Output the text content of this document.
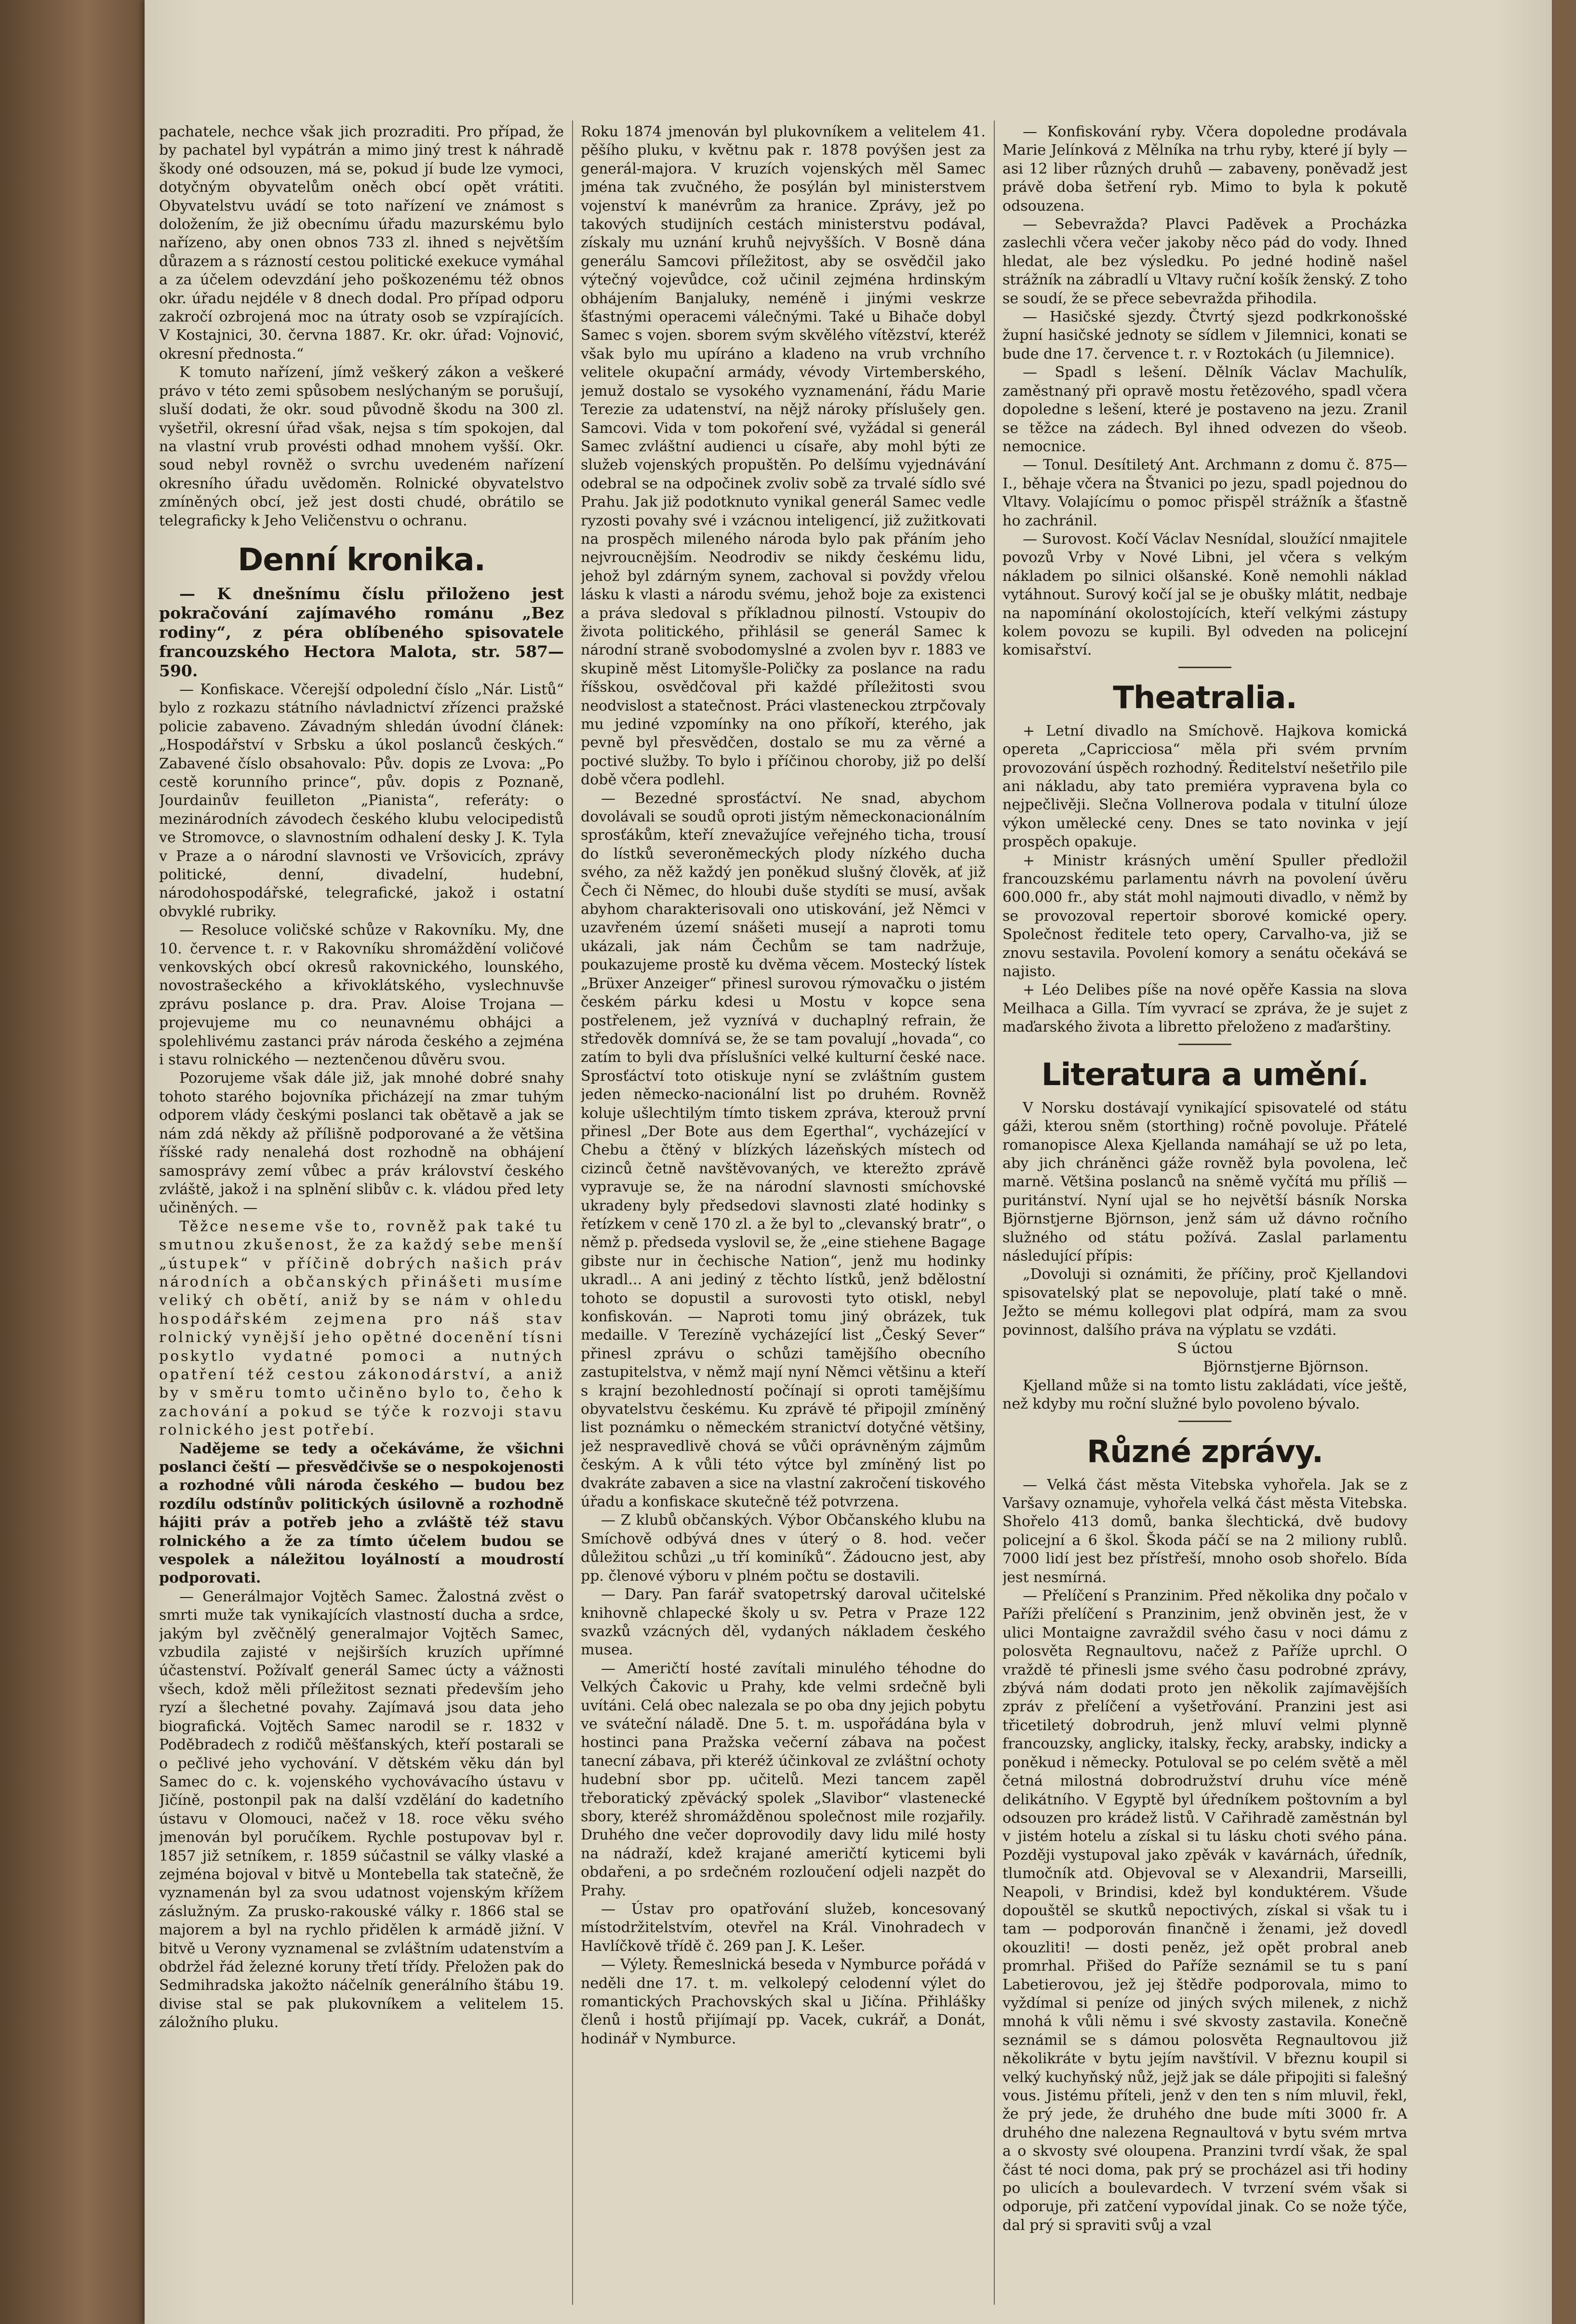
pachatele, nechce však jich prozraditi. Pro případ, že by pachatel byl vypátrán a mimo jiný trest k náhradě škody oné odsouzen, má se, pokud jí bude lze vymoci, dotyčným obyvatelům oněch obcí opět vrátiti. Obyvatelstvu uvádí se toto nařízení ve známost s doložením, že již obecnímu úřadu mazurskému bylo nařízeno, aby onen obnos 733 zl. ihned s největším důrazem a s rázností cestou politické exekuce vymáhal a za účelem odevzdání jeho poškozenému též obnos okr. úřadu nejdéle v 8 dnech dodal. Pro případ odporu zakročí ozbrojená moc na útraty osob se vzpírajících. V Kostajnici, 30. června 1887. Kr. okr. úřad: Vojnović, okresní přednosta.“

K tomuto nařízení, jímž veškerý zákon a veškeré právo v této zemi spůsobem neslýchaným se porušují, sluší dodati, že okr. soud původně škodu na 300 zl. vyšetřil, okresní úřad však, nejsa s tím spokojen, dal na vlastní vrub provésti odhad mnohem vyšší. Okr. soud nebyl rovněž o svrchu uvedeném nařízení okresního úřadu uvědoměn. Rolnické obyvatelstvo zmíněných obcí, jež jest dosti chudé, obrátilo se telegraficky k Jeho Veličenstvu o ochranu.

Denní kronika.

— K dnešnímu číslu přiloženo jest pokračování zajímavého románu „Bez rodiny“, z péra oblíbeného spisovatele francouzského Hectora Malota, str. 587—590.

— Konfiskace. Včerejší odpolední číslo „Nár. Listů“ bylo z rozkazu státního návladnictví zřízenci pražské policie zabaveno. Závadným shledán úvodní článek: „Hospodářství v Srbsku a úkol poslanců českých.“ Zabavené číslo obsahovalo: Pův. dopis ze Lvova: „Po cestě korunního prince“, pův. dopis z Poznaně, Jourdainův feuilleton „Pianista“, referáty: o mezinárodních závodech českého klubu velocipedistů ve Stromovce, o slavnostním odhalení desky J. K. Tyla v Praze a o národní slavnosti ve Vršovicích, zprávy politické, denní, divadelní, hudební, národohospodářské, telegrafické, jakož i ostatní obvyklé rubriky.

— Resoluce voličské schůze v Rakovníku. My, dne 10. července t. r. v Rakovníku shromáždění voličové venkovských obcí okresů rakovnického, lounského, novostrašeckého a křivoklátského, vyslechnuvše zprávu poslance p. dra. Prav. Aloise Trojana — projevujeme mu co neunavnému obhájci a spolehlivému zastanci práv národa českého a zejména i stavu rolnického — neztenčenou důvěru svou.

Pozorujeme však dále již, jak mnohé dobré snahy tohoto starého bojovníka přicházejí na zmar tuhým odporem vlády českými poslanci tak obětavě a jak se nám zdá někdy až přílišně podporované a že většina říšské rady nenalehá dost rozhodně na obhájení samosprávy zemí vůbec a práv království českého zvláště, jakož i na splnění slibův c. k. vládou před lety učiněných. —

Těžce neseme vše to, rovněž pak také tu smutnou zkušenost, že za každý sebe menší „ústupek“ v příčině dobrých našich práv národních a občanských přinášeti musíme veliký ch obětí, aniž by se nám v ohledu hospodářském zejmena pro náš stav rolnický vynější jeho opětné docenění tísni poskytlo vydatné pomoci a nutných opatření též cestou zákonodárství, a aniž by v směru tomto učiněno bylo to, čeho k zachování a pokud se týče k rozvoji stavu rolnického jest potřebí.

Nadějeme se tedy a očekáváme, že všichni poslanci čeští — přesvědčivše se o nespokojenosti a rozhodné vůli národa českého — budou bez rozdílu odstínův politických úsilovně a rozhodně hájiti práv a potřeb jeho a zvláště též stavu rolnického a že za tímto účelem budou se vespolek a náležitou loyálností a moudrostí podporovati.

— Generálmajor Vojtěch Samec. Žalostná zvěst o smrti muže tak vynikajících vlastností ducha a srdce, jakým byl zvěčnělý generalmajor Vojtěch Samec, vzbudila zajisté v nejširších kruzích upřímné účastenství. Požívalť generál Samec úcty a vážnosti všech, kdož měli příležitost seznati především jeho ryzí a šlechetné povahy. Zajímavá jsou data jeho biografická. Vojtěch Samec narodil se r. 1832 v Poděbradech z rodičů měšťanských, kteří postarali se o pečlivé jeho vychování. V dětském věku dán byl Samec do c. k. vojenského vychovávacího ústavu v Jičíně, postonpil pak na další vzdělání do kadetního ústavu v Olomouci, načež v 18. roce věku svého jmenován byl poručíkem. Rychle postupovav byl r. 1857 již setníkem, r. 1859 súčastnil se války vlaské a zejména bojoval v bitvě u Montebella tak statečně, že vyznamenán byl za svou udatnost vojenským křížem záslužným. Za prusko-rakouské války r. 1866 stal se majorem a byl na rychlo přidělen k armádě jižní. V bitvě u Verony vyznamenal se zvláštním udatenstvím a obdržel řád železné koruny třetí třídy. Přeložen pak do Sedmihradska jakožto náčelník generálního štábu 19. divise stal se pak plukovníkem a velitelem 15. záložního pluku.

Roku 1874 jmenován byl plukovníkem a velitelem 41. pěšího pluku, v květnu pak r. 1878 povýšen jest za generál-majora. V kruzích vojenských měl Samec jména tak zvučného, že posýlán byl ministerstvem vojenství k manévrům za hranice. Zprávy, jež po takových studijních cestách ministerstvu podával, získaly mu uznání kruhů nejvyšších. V Bosně dána generálu Samcovi příležitost, aby se osvědčil jako výtečný vojevůdce, což učinil zejména hrdinským obhájením Banjaluky, neméně i jinými veskrze šťastnými operacemi válečnými. Také u Bihače dobyl Samec s vojen. sborem svým skvělého vítězství, kteréž však bylo mu upíráno a kladeno na vrub vrchního velitele okupační armády, vévody Virtemberského, jemuž dostalo se vysokého vyznamenání, řádu Marie Terezie za udatenství, na nějž nároky příslušely gen. Samcovi. Vida v tom pokoření své, vyžádal si generál Samec zvláštní audienci u císaře, aby mohl býti ze služeb vojenských propuštěn. Po delšímu vyjednávání odebral se na odpočinek zvoliv sobě za trvalé sídlo své Prahu. Jak již podotknuto vynikal generál Samec vedle ryzosti povahy své i vzácnou inteligencí, již zužitkovati na prospěch mileného národa bylo pak přáním jeho nejvroucnějším. Neodrodiv se nikdy českému lidu, jehož byl zdárným synem, zachoval si povždy vřelou lásku k vlasti a národu svému, jehož boje za existenci a práva sledoval s příkladnou pilností. Vstoupiv do života politického, přihlásil se generál Samec k národní straně svobodomyslné a zvolen byv r. 1883 ve skupině měst Litomyšle-Poličky za poslance na radu říšskou, osvědčoval při každé příležitosti svou neodvislost a statečnost. Práci vlasteneckou ztrpčovaly mu jediné vzpomínky na ono příkoří, kterého, jak pevně byl přesvědčen, dostalo se mu za věrné a poctivé služby. To bylo i příčinou choroby, již po delší době včera podlehl.

— Bezedné sprosťáctví. Ne snad, abychom dovolávali se soudů oproti jistým německonacionálním sprosťákům, kteří znevažujíce veřejného ticha, trousí do lístků severoněmeckých plody nízkého ducha svého, za něž každý jen poněkud slušný člověk, ať již Čech či Němec, do hloubi duše stydíti se musí, avšak abyhom charakterisovali ono utiskování, jež Němci v uzavřeném území snášeti musejí a naproti tomu ukázali, jak nám Čechům se tam nadržuje, poukazujeme prostě ku dvěma věcem. Mostecký lístek „Brüxer Anzeiger“ přinesl surovou rýmovačku o jistém českém párku kdesi u Mostu v kopce sena postřelenem, jež vyznívá v duchaplný refrain, že středověk domnívá se, že se tam povalují „hovada“, co zatím to byli dva příslušníci velké kulturní české nace. Sprosťáctví toto otiskuje nyní se zvláštním gustem jeden německo-nacionální list po druhém. Rovněž koluje ušlechtilým tímto tiskem zpráva, kterouž první přinesl „Der Bote aus dem Egerthal“, vycházející v Chebu a čtěný v blízkých lázeňských místech od cizinců četně navštěvovaných, ve kterežto zprávě vypravuje se, že na národní slavnosti smíchovské ukradeny byly předsedovi slavnosti zlaté hodinky s řetízkem v ceně 170 zl. a že byl to „clevanský bratr“, o němž p. předseda vyslovil se, že „eine stiehene Bagage gibste nur in čechische Nation“, jenž mu hodinky ukradl... A ani jediný z těchto lístků, jenž bdělostní tohoto se dopustil a surovosti tyto otiskl, nebyl konfiskován. — Naproti tomu jiný obrázek, tuk medaille. V Terezíně vycházející list „Český Sever“ přinesl zprávu o schůzi tamějšího obecního zastupitelstva, v němž mají nyní Němci většinu a kteří s krajní bezohledností počínají si oproti tamějšímu obyvatelstvu českému. Ku zprávě té připojil zmíněný list poznámku o německém stranictví dotyčné většiny, jež nespravedlivě chová se vůči oprávněným zájmům českým. A k vůli této výtce byl zmíněný list po dvakráte zabaven a sice na vlastní zakročení tiskového úřadu a konfiskace skutečně též potvrzena.

— Z klubů občanských. Výbor Občanského klubu na Smíchově odbývá dnes v úterý o 8. hod. večer důležitou schůzi „u tří kominíků“. Žádoucno jest, aby pp. členové výboru v plném počtu se dostavili.

— Dary. Pan farář svatopetrský daroval učitelské knihovně chlapecké školy u sv. Petra v Praze 122 svazků vzácných děl, vydaných nákladem českého musea.

— Američtí hosté zavítali minulého téhodne do Velkých Čakovic u Prahy, kde velmi srdečně byli uvítáni. Celá obec nalezala se po oba dny jejich pobytu ve sváteční náladě. Dne 5. t. m. uspořádána byla v hostinci pana Pražska večerní zábava na počest tanecní zábava, při kteréž účinkoval ze zvláštní ochoty hudební sbor pp. učitelů. Mezi tancem zapěl třeboratický zpěvácký spolek „Slavibor“ vlastenecké sbory, kteréž shromážděnou společnost mile rozjařily. Druhého dne večer doprovodily davy lidu milé hosty na nádraží, kdež krajané američtí kyticemi byli obdařeni, a po srdečném rozloučení odjeli nazpět do Prahy.

— Ústav pro opatřování služeb, koncesovaný místodržitelstvím, otevřel na Král. Vinohradech v Havlíčkově třídě č. 269 pan J. K. Lešer.

— Výlety. Řemeslnická beseda v Nymburce pořádá v neděli dne 17. t. m. velkolepý celodenní výlet do romantických Prachovských skal u Jičína. Přihlášky členů i hostů přijímají pp. Vacek, cukrář, a Donát, hodinář v Nymburce.

— Konfiskování ryby. Včera dopoledne prodávala Marie Jelínková z Mělníka na trhu ryby, které jí byly — asi 12 liber různých druhů — zabaveny, poněvadž jest právě doba šetření ryb. Mimo to byla k pokutě odsouzena.

— Sebevražda? Plavci Paděvek a Procházka zaslechli včera večer jakoby něco pád do vody. Ihned hledat, ale bez výsledku. Po jedné hodině našel strážník na zábradlí u Vltavy ruční košík ženský. Z toho se soudí, že se přece sebevražda přihodila.

— Hasičské sjezdy. Čtvrtý sjezd podkrkonošské župní hasičské jednoty se sídlem v Jilemnici, konati se bude dne 17. července t. r. v Roztokách (u Jilemnice).

— Spadl s lešení. Dělník Václav Machulík, zaměstnaný při opravě mostu řetězového, spadl včera dopoledne s lešení, které je postaveno na jezu. Zranil se těžce na zádech. Byl ihned odvezen do všeob. nemocnice.

— Tonul. Desítiletý Ant. Archmann z domu č. 875—I., běhaje včera na Štvanici po jezu, spadl pojednou do Vltavy. Volajícímu o pomoc přispěl strážník a šťastně ho zachránil.

— Surovost. Kočí Václav Nesnídal, sloužící nmajitele povozů Vrby v Nové Libni, jel včera s velkým nákladem po silnici olšanské. Koně nemohli náklad vytáhnout. Surový kočí jal se je obušky mlátit, nedbaje na napomínání okolostojících, kteří velkými zástupy kolem povozu se kupili. Byl odveden na policejní komisařství.

Theatralia.

+ Letní divadlo na Smíchově. Hajkova komická opereta „Capricciosa“ měla při svém prvním provozování úspěch rozhodný. Ředitelství nešetřilo pile ani nákladu, aby tato premiéra vypravena byla co nejpečlivěji. Slečna Vollnerova podala v titulní úloze výkon umělecké ceny. Dnes se tato novinka v její prospěch opakuje.

+ Ministr krásných umění Spuller předložil francouzskému parlamentu návrh na povolení úvěru 600.000 fr., aby stát mohl najmouti divadlo, v němž by se provozoval repertoir sborové komické opery. Společnost ředitele teto opery, Carvalho-va, již se znovu sestavila. Povolení komory a senátu očekává se najisto.

+ Léo Delibes píše na nové opěře Kassia na slova Meilhaca a Gilla. Tím vyvrací se zpráva, že je sujet z maďarského života a libretto přeloženo z maďarštiny.

Literatura a umění.

V Norsku dostávají vynikající spisovatelé od státu gáži, kterou sněm (storthing) ročně povoluje. Přátelé romanopisce Alexa Kjellanda namáhají se už po leta, aby jich chráněnci gáže rovněž byla povolena, leč marně. Většina poslanců na sněmě vyčítá mu příliš — puritánství. Nyní ujal se ho největší básník Norska Björnstjerne Björnson, jenž sám už dávno ročního služného od státu požívá. Zaslal parlamentu následující přípis:

„Dovoluji si oznámiti, že příčiny, proč Kjellandovi spisovatelský plat se nepovoluje, platí také o mně. Ježto se mému kollegovi plat odpírá, mam za svou povinnost, dalšího práva na výplatu se vzdáti.

S úctou

Björnstjerne Björnson.

Kjelland může si na tomto listu zakládati, více ještě, než kdyby mu roční služné bylo povoleno bývalo.

Různé zprávy.

— Velká část města Vitebska vyhořela. Jak se z Varšavy oznamuje, vyhořela velká část města Vitebska. Shořelo 413 domů, banka šlechtická, dvě budovy policejní a 6 škol. Škoda páčí se na 2 miliony rublů. 7000 lidí jest bez přístřeší, mnoho osob shořelo. Bída jest nesmírná.

— Přelíčení s Pranzinim. Před několika dny počalo v Paříži přelíčení s Pranzinim, jenž obviněn jest, že v ulici Montaigne zavraždil svého času v noci dámu z polosvěta Regnaultovu, načež z Paříže uprchl. O vraždě té přinesli jsme svého času podrobné zprávy, zbývá nám dodati proto jen několik zajímavějších zpráv z přelíčení a vyšetřování. Pranzini jest asi třicetiletý dobrodruh, jenž mluví velmi plynně francouzsky, anglicky, italsky, řecky, arabsky, indicky a poněkud i německy. Potuloval se po celém světě a měl četná milostná dobrodružství druhu více méně delikátního. V Egyptě byl úředníkem poštovním a byl odsouzen pro krádež listů. V Cařihradě zaměstnán byl v jistém hotelu a získal si tu lásku choti svého pána. Později vystupoval jako zpěvák v kavárnách, úředník, tlumočník atd. Objevoval se v Alexandrii, Marseilli, Neapoli, v Brindisi, kdež byl konduktérem. Všude dopouštěl se skutků nepoctivých, získal si však tu i tam — podporován finančně i ženami, jež dovedl okouzliti! — dosti peněz, jež opět probral aneb promrhal. Přišed do Paříže seznámil se tu s paní Labetierovou, jež jej štědře podporovala, mimo to vyždímal si peníze od jiných svých milenek, z nichž mnohá k vůli němu i své skvosty zastavila. Konečně seznámil se s dámou polosvěta Regnaultovou již několikráte v bytu jejím navštívil. V březnu koupil si velký kuchyňský nůž, jejž jak se dále připojiti si falešný vous. Jistému příteli, jenž v den ten s ním mluvil, řekl, že prý jede, že druhého dne bude míti 3000 fr. A druhého dne nalezena Regnaultová v bytu svém mrtva a o skvosty své oloupena. Pranzini tvrdí však, že spal část té noci doma, pak prý se procházel asi tři hodiny po ulicích a boulevardech. V tvrzení svém však si odporuje, při zatčení vypovídal jinak. Co se nože týče, dal prý si spraviti svůj a vzal
